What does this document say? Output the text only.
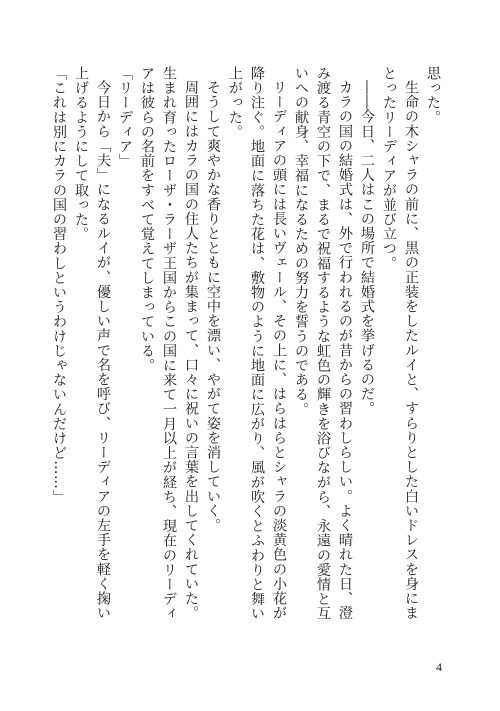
思った。

生命の木シャラの前に、黒の正装をしたルイと、すらりとした白いドレスを身にまとったリーディアが並び立つ。

――今日、二人はこの場所で結婚式を挙げるのだ。

カラの国の結婚式は、外で行われるのが昔からの習わしらしい。よく晴れた日、澄み渡る青空の下で、まるで祝福するような虹色の輝きを浴びながら、永遠の愛情と互いへの献身、幸福になるための努力を誓うのである。

リーディアの頭には長いヴェール、その上に、はらはらとシャラの淡黄色の小花が降り注ぐ。地面に落ちた花は、敷物のように地面に広がり、風が吹くとふわりと舞い上がった。

そうして爽やかな香りとともに空中を漂い、やがて姿を消していく。

周囲にはカラの国の住人たちが集まって、口々に祝いの言葉を出してくれていた。生まれ育ったローザ・ラーザ王国からこの国に来て一月以上が経ち、現在のリーディアは彼らの名前をすべて覚えてしまっている。

「リーディア」

今日から「夫」になるルイが、優しい声で名を呼び、リーディアの左手を軽く掬い上げるようにして取った。

「これは別にカラの国の習わしというわけじゃないんだけど……」

4
